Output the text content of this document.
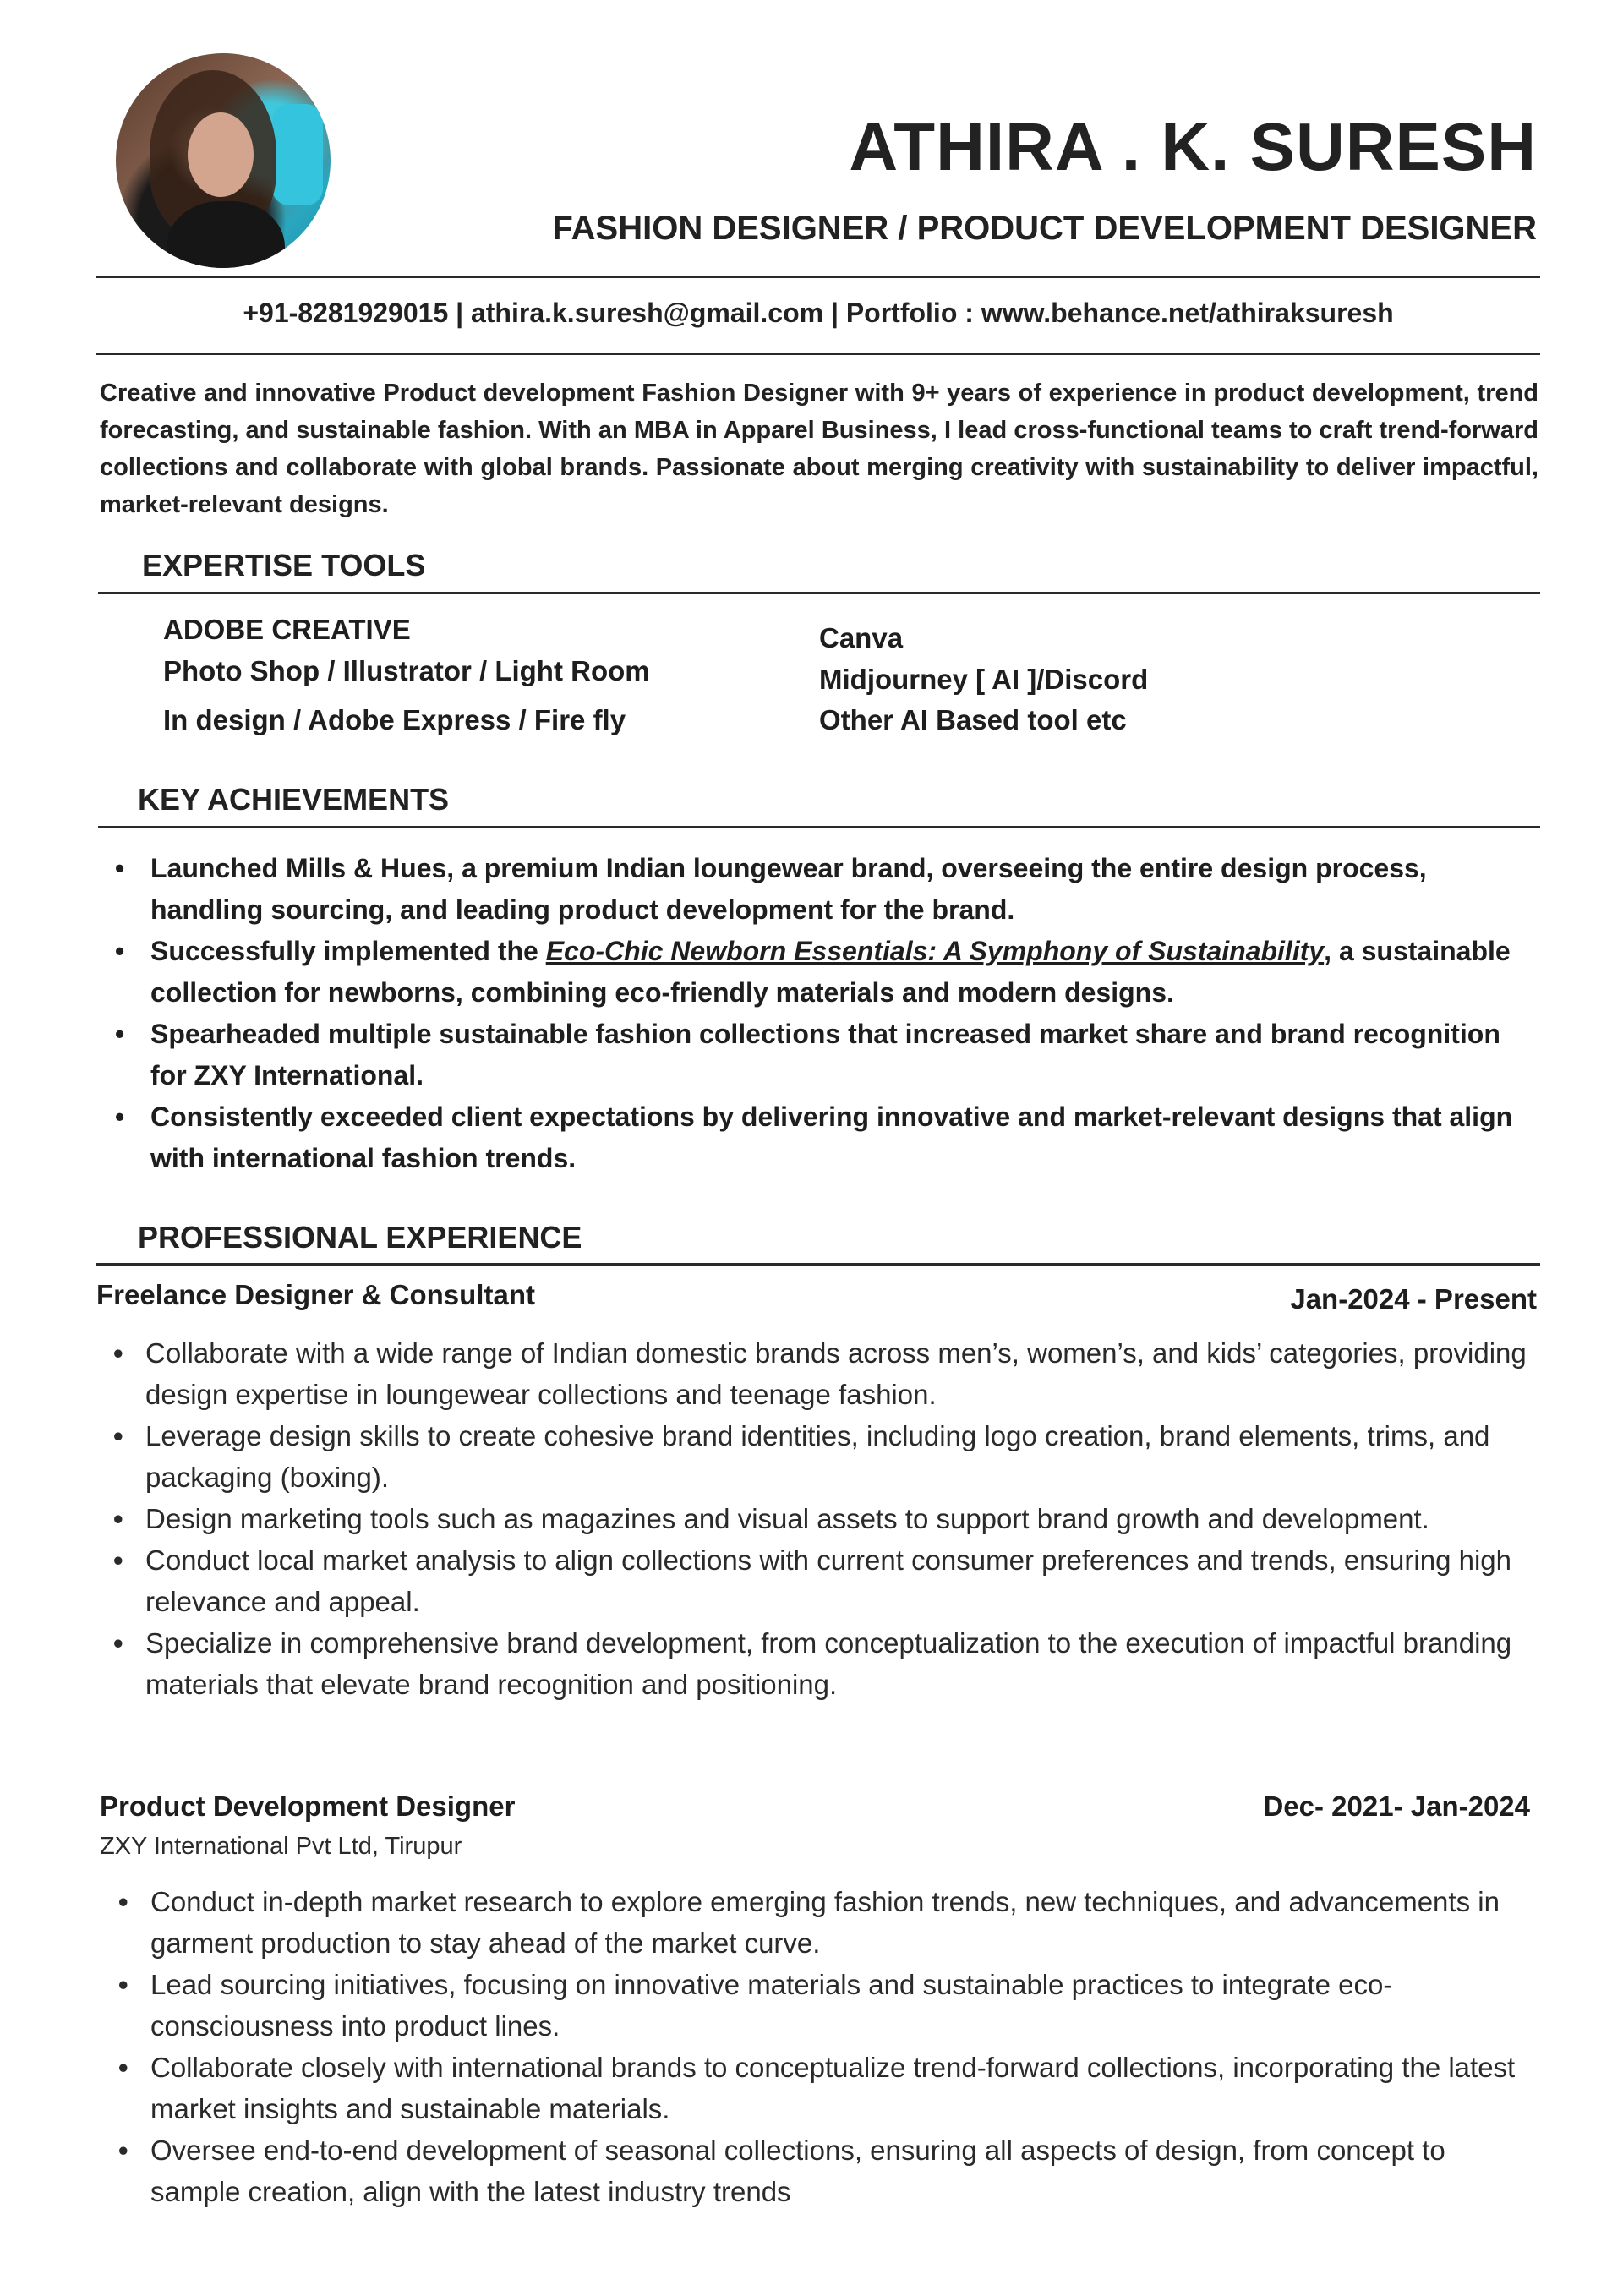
ATHIRA . K. SURESH
FASHION DESIGNER / PRODUCT DEVELOPMENT DESIGNER
+91-8281929015 | athira.k.suresh@gmail.com | Portfolio : www.behance.net/athiraksuresh
Creative and innovative Product development Fashion Designer with 9+ years of experience in product development, trend forecasting, and sustainable fashion. With an MBA in Apparel Business, I lead cross-functional teams to craft trend-forward collections and collaborate with global brands. Passionate about merging creativity with sustainability to deliver impactful, market-relevant designs.
EXPERTISE TOOLS
ADOBE CREATIVE
Photo Shop / Illustrator / Light Room
In design / Adobe Express / Fire fly
Canva
Midjourney [ AI ]/Discord
Other AI Based tool etc
KEY ACHIEVEMENTS
• Launched Mills & Hues, a premium Indian loungewear brand, overseeing the entire design process, handling sourcing, and leading product development for the brand.
• Successfully implemented the Eco-Chic Newborn Essentials: A Symphony of Sustainability, a sustainable collection for newborns, combining eco-friendly materials and modern designs.
• Spearheaded multiple sustainable fashion collections that increased market share and brand recognition for ZXY International.
• Consistently exceeded client expectations by delivering innovative and market-relevant designs that align with international fashion trends.
PROFESSIONAL EXPERIENCE
Freelance Designer & Consultant	Jan-2024 - Present
• Collaborate with a wide range of Indian domestic brands across men’s, women’s, and kids’ categories, providing design expertise in loungewear collections and teenage fashion.
• Leverage design skills to create cohesive brand identities, including logo creation, brand elements, trims, and packaging (boxing).
• Design marketing tools such as magazines and visual assets to support brand growth and development.
• Conduct local market analysis to align collections with current consumer preferences and trends, ensuring high relevance and appeal.
• Specialize in comprehensive brand development, from conceptualization to the execution of impactful branding materials that elevate brand recognition and positioning.
Product Development Designer	Dec- 2021- Jan-2024
ZXY International Pvt Ltd, Tirupur
• Conduct in-depth market research to explore emerging fashion trends, new techniques, and advancements in garment production to stay ahead of the market curve.
• Lead sourcing initiatives, focusing on innovative materials and sustainable practices to integrate eco-consciousness into product lines.
• Collaborate closely with international brands to conceptualize trend-forward collections, incorporating the latest market insights and sustainable materials.
• Oversee end-to-end development of seasonal collections, ensuring all aspects of design, from concept to sample creation, align with the latest industry trends
